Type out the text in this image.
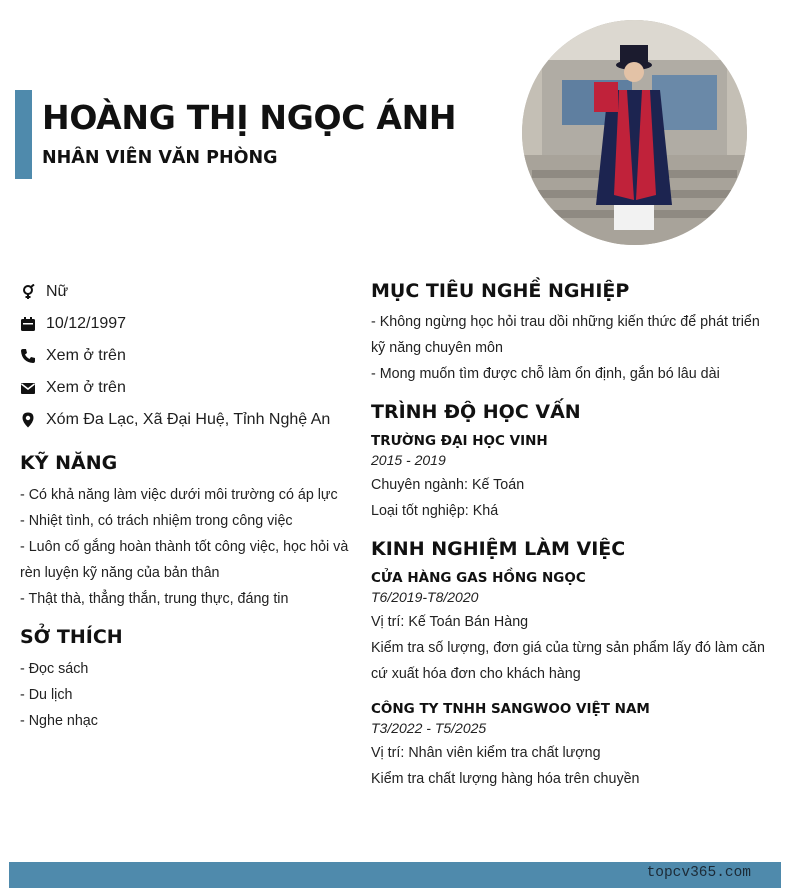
HOÀNG THỊ NGỌC ÁNH
NHÂN VIÊN VĂN PHÒNG
Nữ
10/12/1997
Xem ở trên
Xem ở trên
Xóm Đa Lạc, Xã Đại Huệ, Tỉnh Nghệ An
KỸ NĂNG
- Có khả năng làm việc dưới môi trường có áp lực
- Nhiệt tình, có trách nhiệm trong công việc
- Luôn cố gắng hoàn thành tốt công việc, học hỏi và
rèn luyện kỹ năng của bản thân
- Thật thà, thẳng thắn, trung thực, đáng tin
SỞ THÍCH
- Đọc sách
- Du lịch
- Nghe nhạc
MỤC TIÊU NGHỀ NGHIỆP
- Không ngừng học hỏi trau dồi những kiến thức để phát triển
kỹ năng chuyên môn
- Mong muốn tìm được chỗ làm ổn định, gắn bó lâu dài
TRÌNH ĐỘ HỌC VẤN
TRƯỜNG ĐẠI HỌC VINH
2015 - 2019
Chuyên ngành: Kế Toán
Loại tốt nghiệp: Khá
KINH NGHIỆM LÀM VIỆC
CỬA HÀNG GAS HỒNG NGỌC
T6/2019-T8/2020
Vị trí: Kế Toán Bán Hàng
Kiểm tra số lượng, đơn giá của từng sản phẩm lấy đó làm căn
cứ xuất hóa đơn cho khách hàng
CÔNG TY TNHH SANGWOO VIỆT NAM
T3/2022 - T5/2025
Vị trí: Nhân viên kiểm tra chất lượng
Kiểm tra chất lượng hàng hóa trên chuyền
topcv365.com
